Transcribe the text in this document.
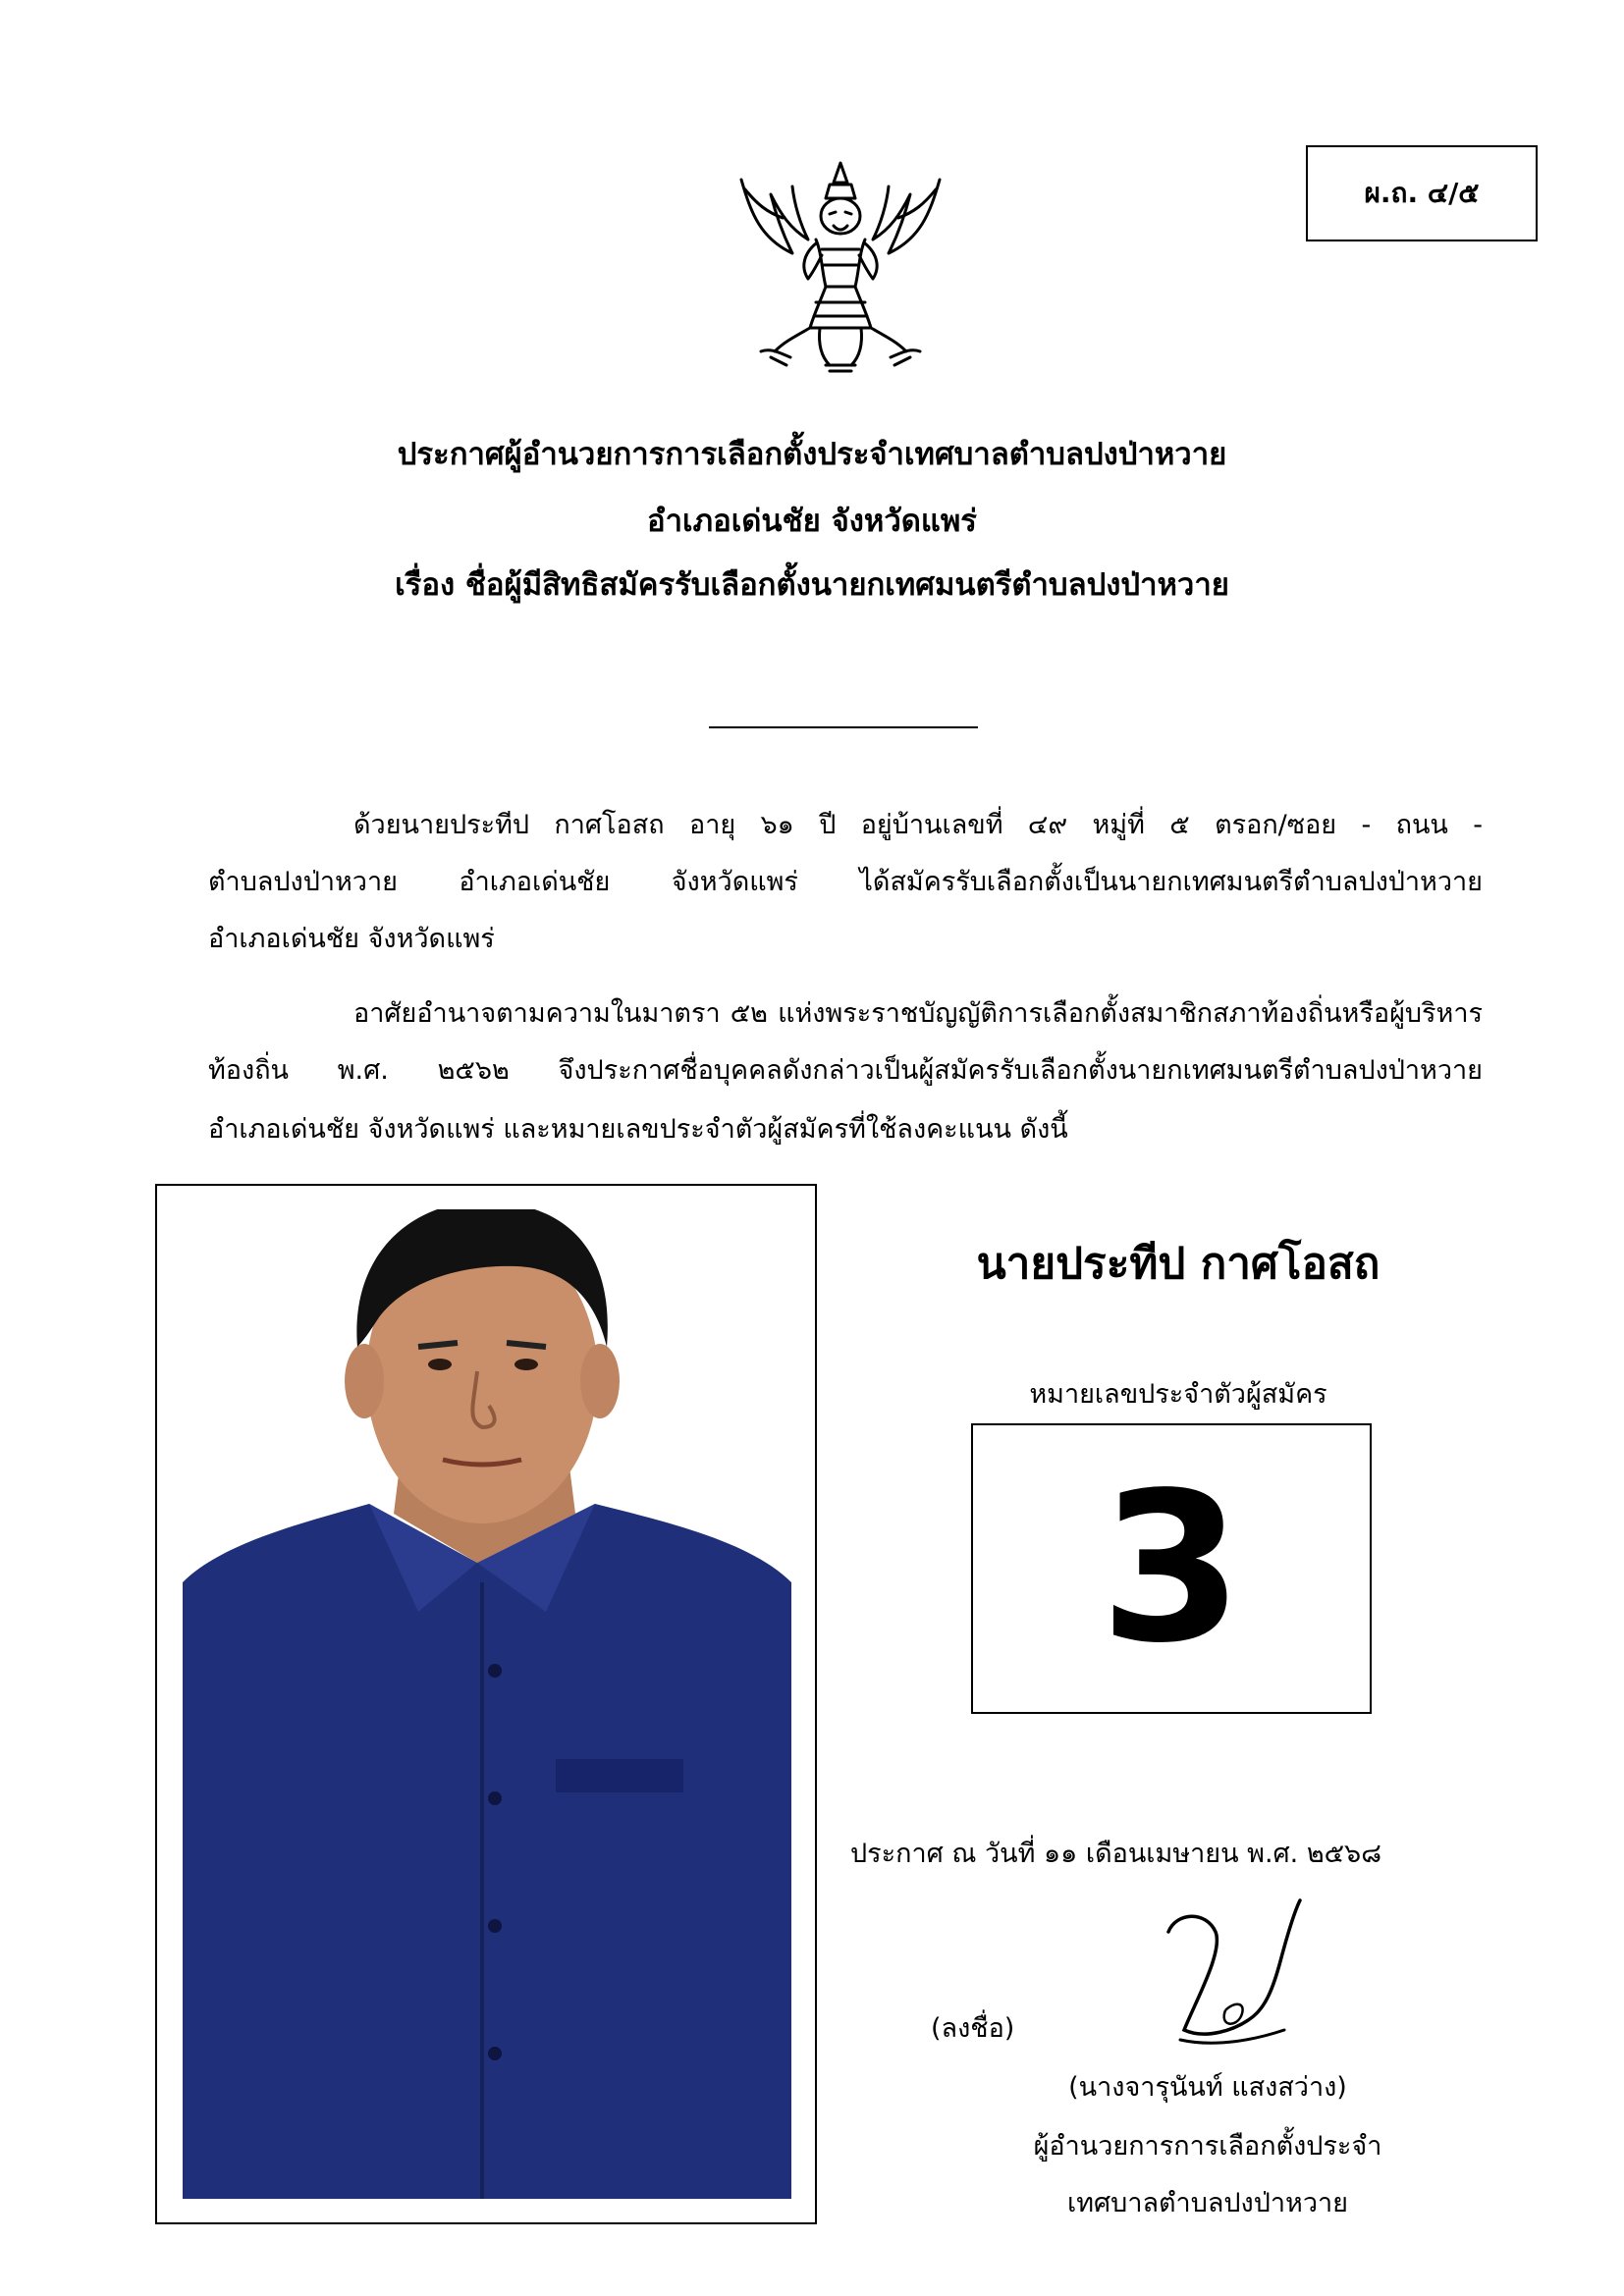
ผ.ถ. ๔/๕
ประกาศผู้อำนวยการการเลือกตั้งประจำเทศบาลตำบลปงป่าหวาย
อำเภอเด่นชัย จังหวัดแพร่
เรื่อง ชื่อผู้มีสิทธิสมัครรับเลือกตั้งนายกเทศมนตรีตำบลปงป่าหวาย
ด้วยนายประทีป กาศโอสถ อายุ ๖๑ ปี อยู่บ้านเลขที่ ๔๙ หมู่ที่ ๕ ตรอก/ซอย - ถนน -
ตำบลปงป่าหวาย อำเภอเด่นชัย จังหวัดแพร่ ได้สมัครรับเลือกตั้งเป็นนายกเทศมนตรีตำบลปงป่าหวาย
อำเภอเด่นชัย จังหวัดแพร่
อาศัยอำนาจตามความในมาตรา ๕๒ แห่งพระราชบัญญัติการเลือกตั้งสมาชิกสภาท้องถิ่นหรือผู้บริหาร
ท้องถิ่น พ.ศ. ๒๕๖๒ จึงประกาศชื่อบุคคลดังกล่าวเป็นผู้สมัครรับเลือกตั้งนายกเทศมนตรีตำบลปงป่าหวาย
อำเภอเด่นชัย จังหวัดแพร่ และหมายเลขประจำตัวผู้สมัครที่ใช้ลงคะแนน ดังนี้
นายประทีป กาศโอสถ
หมายเลขประจำตัวผู้สมัคร
3
ประกาศ ณ วันที่ ๑๑ เดือนเมษายน พ.ศ. ๒๕๖๘
(ลงชื่อ)
(นางจารุนันท์ แสงสว่าง)
ผู้อำนวยการการเลือกตั้งประจำ
เทศบาลตำบลปงป่าหวาย
